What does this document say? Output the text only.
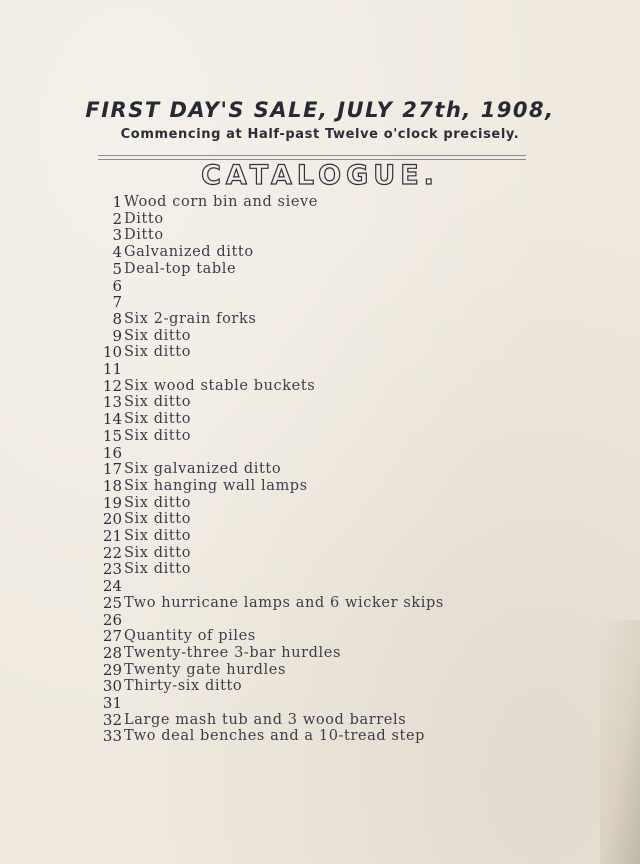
FIRST DAY'S SALE, JULY 27th, 1908,
Commencing at Half-past Twelve o'clock precisely.
CATALOGUE.
1 Wood corn bin and sieve
2 Ditto
3 Ditto
4 Galvanized ditto
5 Deal-top table
6
7
8 Six 2-grain forks
9 Six ditto
10 Six ditto
11
12 Six wood stable buckets
13 Six ditto
14 Six ditto
15 Six ditto
16
17 Six galvanized ditto
18 Six hanging wall lamps
19 Six ditto
20 Six ditto
21 Six ditto
22 Six ditto
23 Six ditto
24
25 Two hurricane lamps and 6 wicker skips
26
27 Quantity of piles
28 Twenty-three 3-bar hurdles
29 Twenty gate hurdles
30 Thirty-six ditto
31
32 Large mash tub and 3 wood barrels
33 Two deal benches and a 10-tread step
